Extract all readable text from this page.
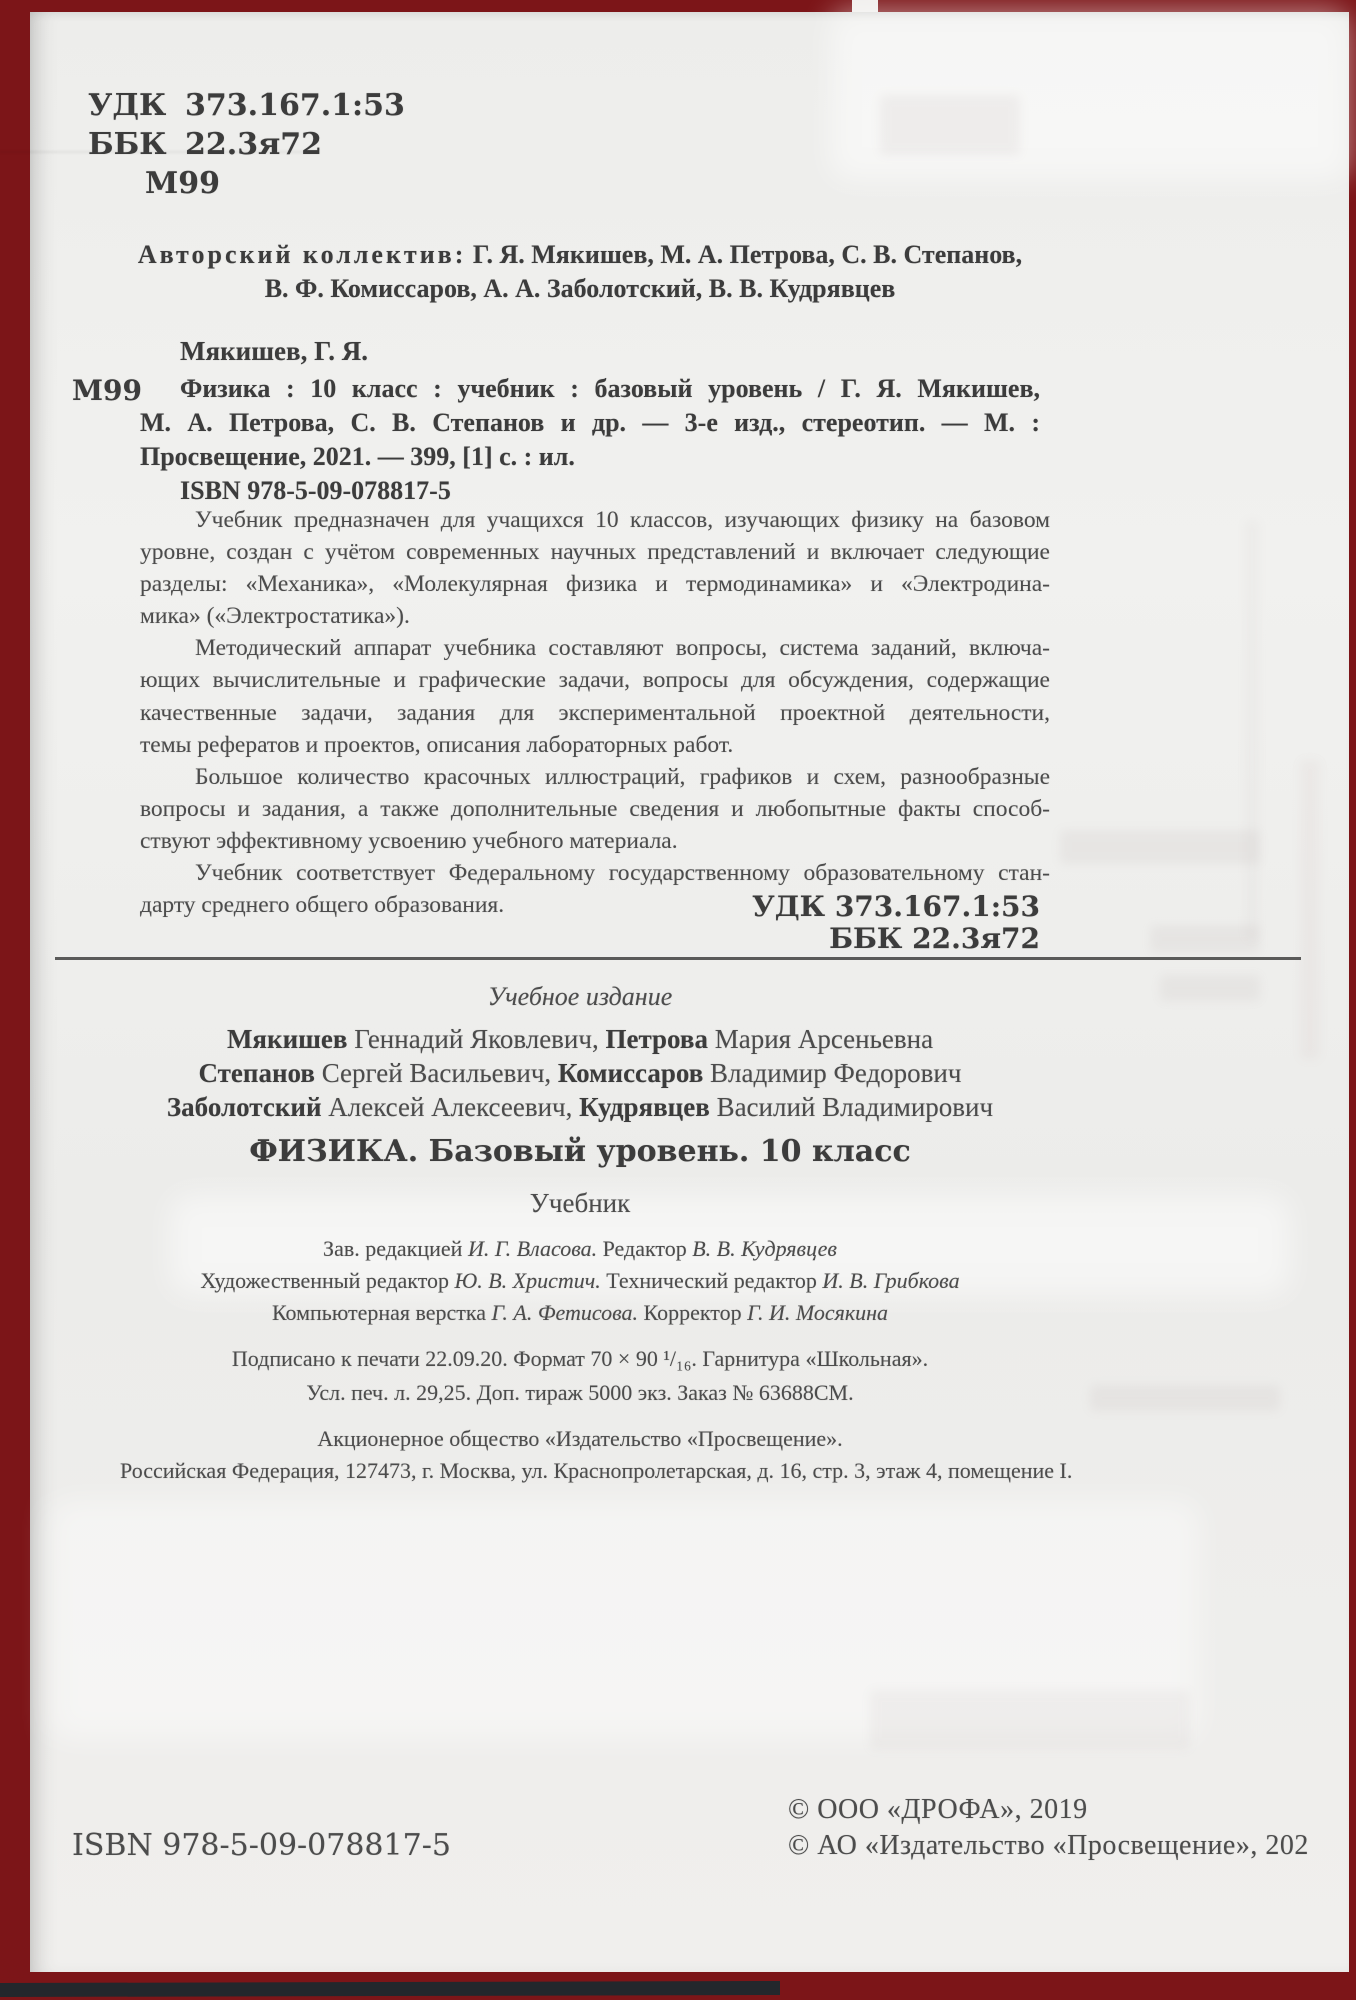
УДК 373.167.1:53
ББК 22.3я72
М99
Авторский коллектив: Г. Я. Мякишев, М. А. Петрова, С. В. Степанов,
В. Ф. Комиссаров, А. А. Заболотский, В. В. Кудрявцев
Мякишев, Г. Я.
М99	Физика : 10 класс : учебник : базовый уровень / Г. Я. Мякишев,
М. А. Петрова, С. В. Степанов и др. — 3-е изд., стереотип. — М. :
Просвещение, 2021. — 399, [1] с. : ил.
ISBN 978-5-09-078817-5
Учебник предназначен для учащихся 10 классов, изучающих физику на базовом
уровне, создан с учётом современных научных представлений и включает следующие
разделы: «Механика», «Молекулярная физика и термодинамика» и «Электродина-
мика» («Электростатика»).
Методический аппарат учебника составляют вопросы, система заданий, включа-
ющих вычислительные и графические задачи, вопросы для обсуждения, содержащие
качественные задачи, задания для экспериментальной проектной деятельности,
темы рефератов и проектов, описания лабораторных работ.
Большое количество красочных иллюстраций, графиков и схем, разнообразные
вопросы и задания, а также дополнительные сведения и любопытные факты способ-
ствуют эффективному усвоению учебного материала.
Учебник соответствует Федеральному государственному образовательному стан-
дарту среднего общего образования.	УДК 373.167.1:53
ББК 22.3я72
Учебное издание
Мякишев Геннадий Яковлевич, Петрова Мария Арсеньевна
Степанов Сергей Васильевич, Комиссаров Владимир Федорович
Заболотский Алексей Алексеевич, Кудрявцев Василий Владимирович
ФИЗИКА. Базовый уровень. 10 класс
Учебник
Зав. редакцией И. Г. Власова. Редактор В. В. Кудрявцев
Художественный редактор Ю. В. Христич. Технический редактор И. В. Грибкова
Компьютерная верстка Г. А. Фетисова. Корректор Г. И. Мосякина
Подписано к печати 22.09.20. Формат 70 × 90 ¹/₁₆. Гарнитура «Школьная».
Усл. печ. л. 29,25. Доп. тираж 5000 экз. Заказ № 63688СМ.
Акционерное общество «Издательство «Просвещение».
Российская Федерация, 127473, г. Москва, ул. Краснопролетарская, д. 16, стр. 3, этаж 4, помещение I.
ISBN 978-5-09-078817-5
© ООО «ДРОФА», 2019
© АО «Издательство «Просвещение», 202
